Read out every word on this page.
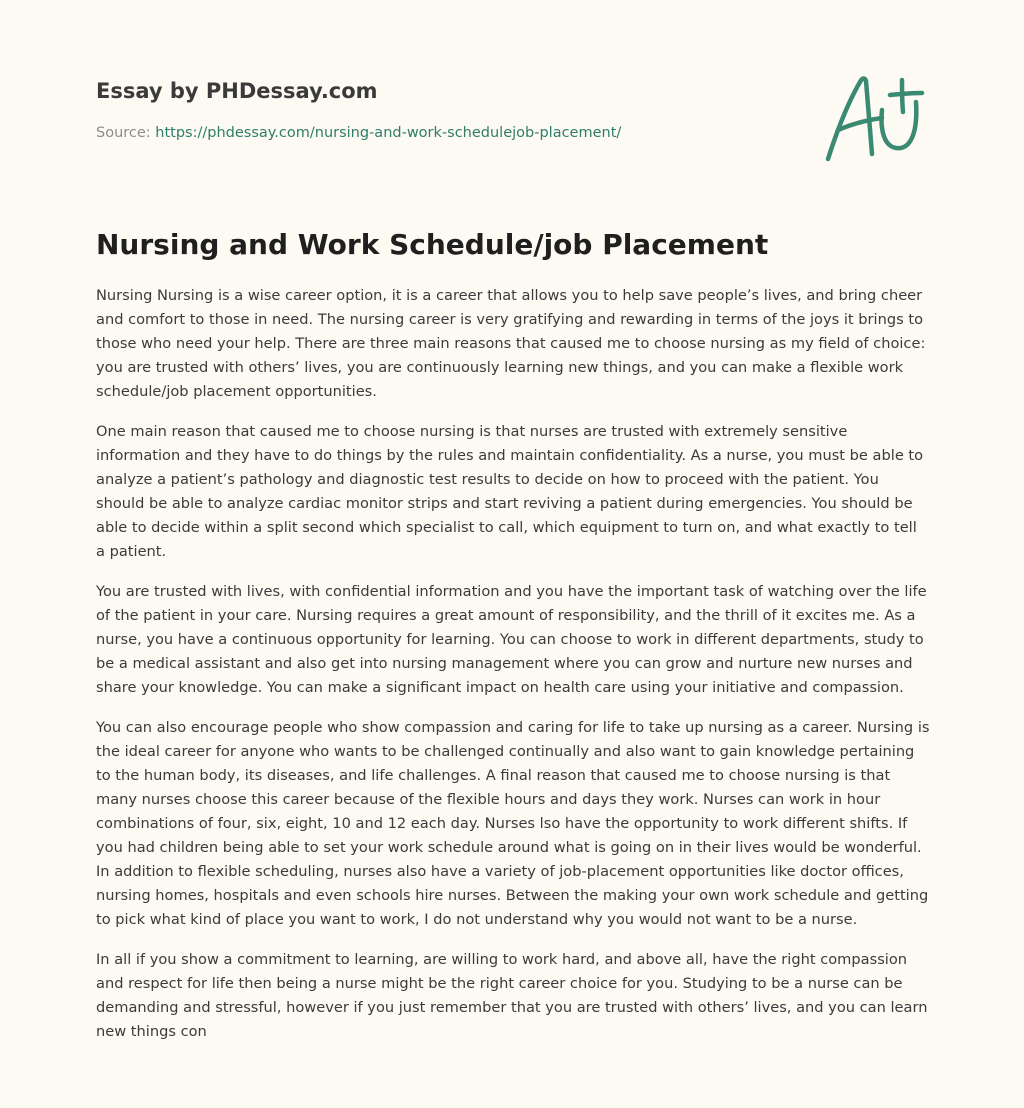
Essay by PHDessay.com
Source: https://phdessay.com/nursing-and-work-schedulejob-placement/
Nursing and Work Schedule/job Placement

Nursing Nursing is a wise career option, it is a career that allows you to help save people’s lives, and bring cheer and comfort to those in need. The nursing career is very gratifying and rewarding in terms of the joys it brings to those who need your help. There are three main reasons that caused me to choose nursing as my field of choice: you are trusted with others’ lives, you are continuously learning new things, and you can make a flexible work schedule/job placement opportunities.

One main reason that caused me to choose nursing is that nurses are trusted with extremely sensitive information and they have to do things by the rules and maintain confidentiality. As a nurse, you must be able to analyze a patient’s pathology and diagnostic test results to decide on how to proceed with the patient. You should be able to analyze cardiac monitor strips and start reviving a patient during emergencies. You should be able to decide within a split second which specialist to call, which equipment to turn on, and what exactly to tell a patient.

You are trusted with lives, with confidential information and you have the important task of watching over the life of the patient in your care. Nursing requires a great amount of responsibility, and the thrill of it excites me. As a nurse, you have a continuous opportunity for learning. You can choose to work in different departments, study to be a medical assistant and also get into nursing management where you can grow and nurture new nurses and share your knowledge. You can make a significant impact on health care using your initiative and compassion.

You can also encourage people who show compassion and caring for life to take up nursing as a career. Nursing is the ideal career for anyone who wants to be challenged continually and also want to gain knowledge pertaining to the human body, its diseases, and life challenges. A final reason that caused me to choose nursing is that many nurses choose this career because of the flexible hours and days they work. Nurses can work in hour combinations of four, six, eight, 10 and 12 each day. Nurses lso have the opportunity to work different shifts. If you had children being able to set your work schedule around what is going on in their lives would be wonderful. In addition to flexible scheduling, nurses also have a variety of job-placement opportunities like doctor offices, nursing homes, hospitals and even schools hire nurses. Between the making your own work schedule and getting to pick what kind of place you want to work, I do not understand why you would not want to be a nurse.

In all if you show a commitment to learning, are willing to work hard, and above all, have the right compassion and respect for life then being a nurse might be the right career choice for you. Studying to be a nurse can be demanding and stressful, however if you just remember that you are trusted with others’ lives, and you can learn new things con
